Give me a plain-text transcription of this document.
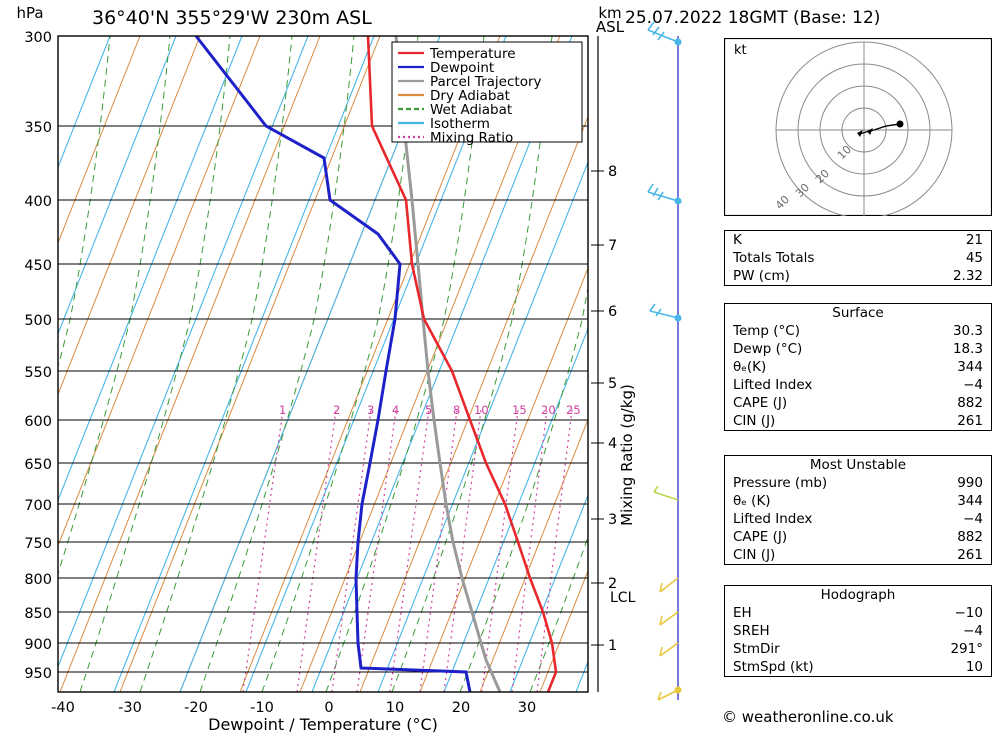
hPa	36°40'N 355°29'W 230m ASL	km
ASL
1	2 3 4 5 8 10 15 20 25
300
350
400
450
500
550
600
650
700
750
800
850
900
950
-40	-30	-20	-10	0	10	20	30
Dewpoint / Temperature (°C)
1
2
3
4
5
6
7
8
Mixing Ratio (g/kg)
LCL
Temperature
Dewpoint
Parcel Trajectory
Dry Adiabat
Wet Adiabat
Isotherm
Mixing Ratio
25.07.2022 18GMT (Base: 12)
kt
10
20
30
40
K	21
Totals Totals	45
PW (cm)	2.32
Surface
Temp (°C)	30.3
Dewp (°C)	18.3
θₑ(K)	344
Lifted Index	−4
CAPE (J)	882
CIN (J)	261
Most Unstable
Pressure (mb)	990
θₑ (K)	344
Lifted Index	−4
CAPE (J)	882
CIN (J)	261
Hodograph
EH	−10
SREH	−4
StmDir	291°
StmSpd (kt)	10
© weatheronline.co.uk
